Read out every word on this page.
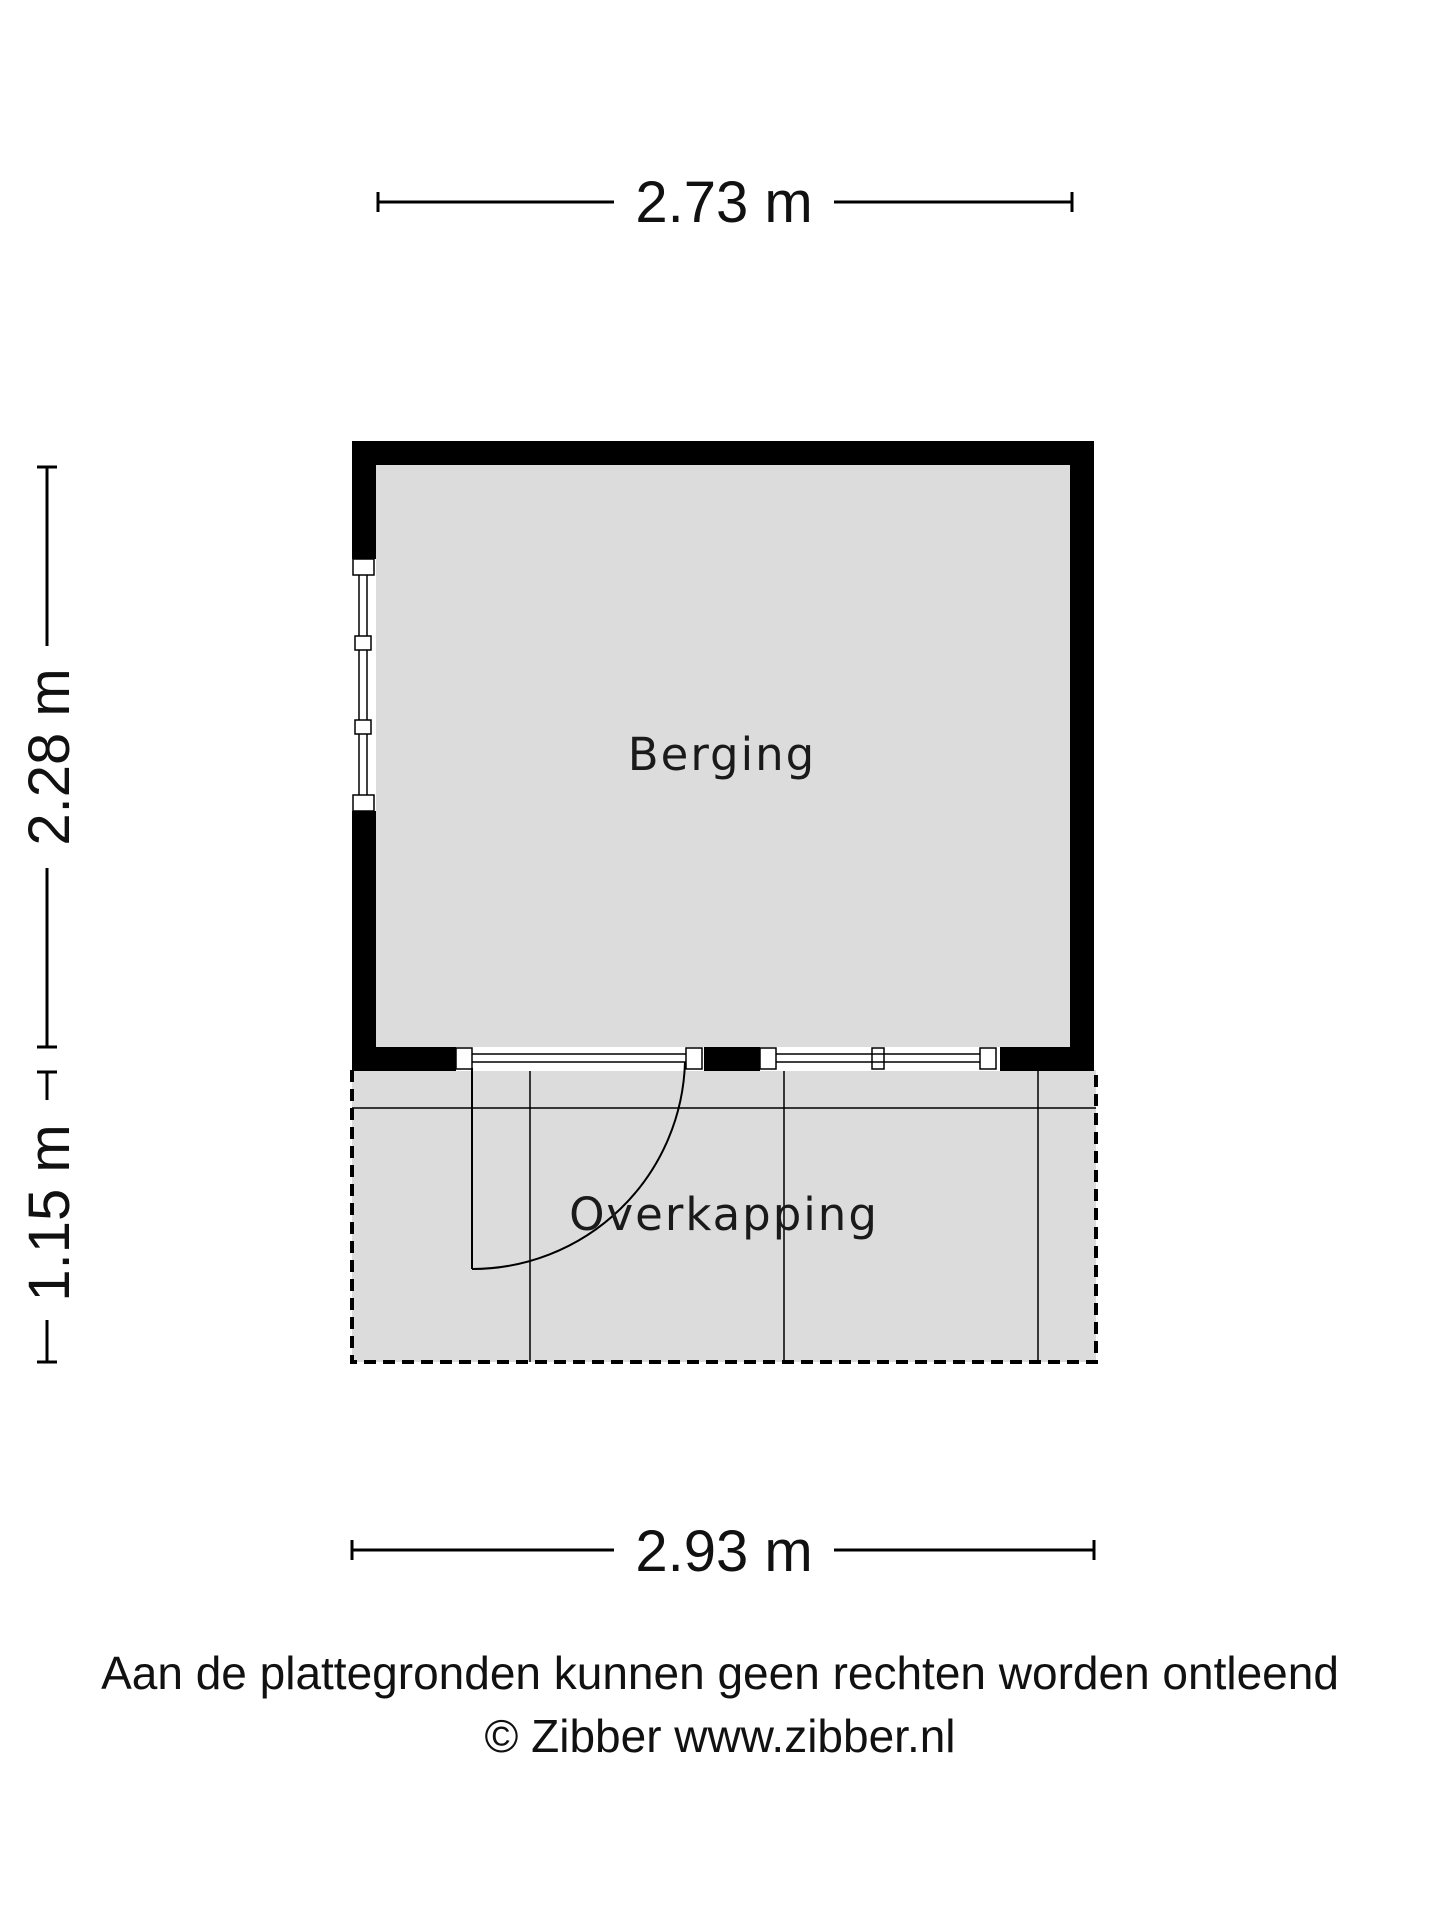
2.73 m
2.28 m
1.15 m
Berging
Overkapping
2.93 m
Aan de plattegronden kunnen geen rechten worden ontleend
© Zibber www.zibber.nl
